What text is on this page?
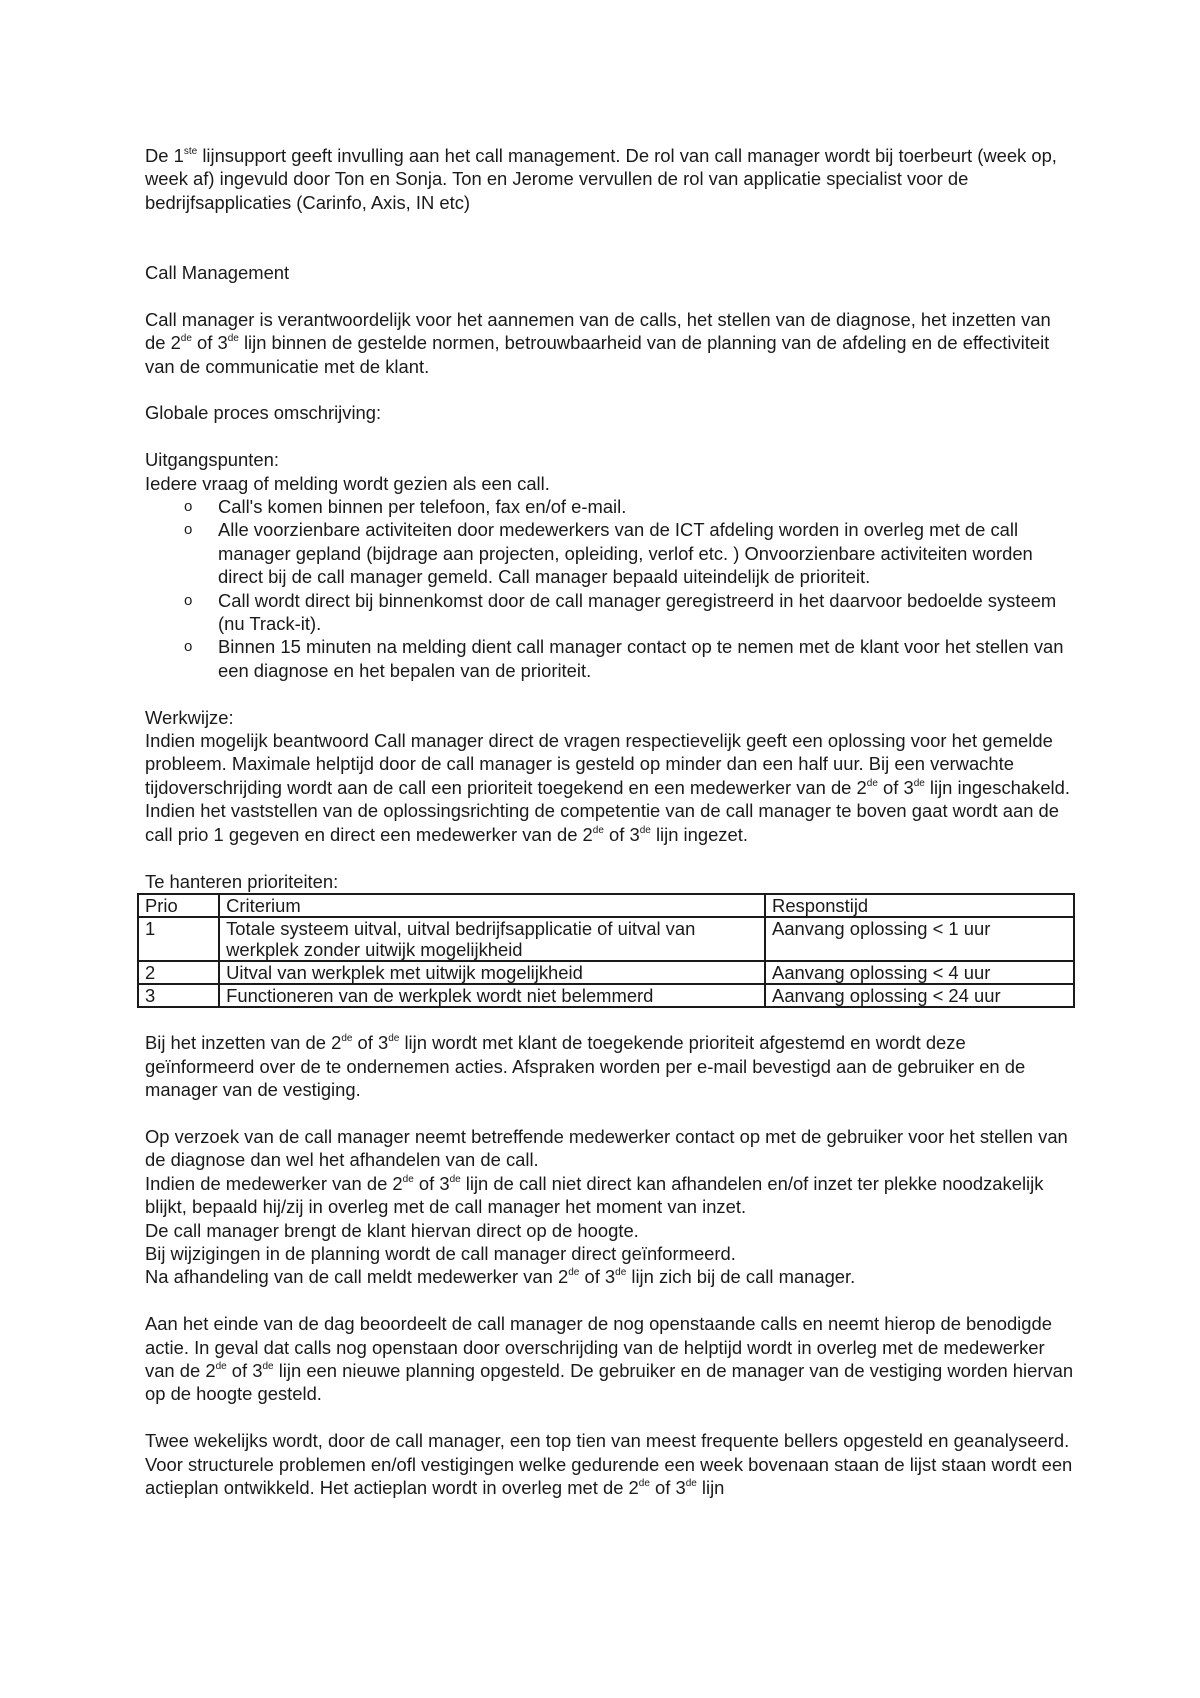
De 1ste lijnsupport geeft invulling aan het call management. De rol van call manager wordt bij toerbeurt (week op, week af) ingevuld door Ton en Sonja. Ton en Jerome vervullen de rol van applicatie specialist voor de bedrijfsapplicaties (Carinfo, Axis, IN etc)

Call Management

Call manager is verantwoordelijk voor het aannemen van de calls, het stellen van de diagnose, het inzetten van de 2de of 3de lijn binnen de gestelde normen, betrouwbaarheid van de planning van de afdeling en de effectiviteit van de communicatie met de klant.

Globale proces omschrijving:

Uitgangspunten:

Iedere vraag of melding wordt gezien als een call.

o Call's komen binnen per telefoon, fax en/of e-mail.
o Alle voorzienbare activiteiten door medewerkers van de ICT afdeling worden in overleg met de call manager gepland (bijdrage aan projecten, opleiding, verlof etc. ) Onvoorzienbare activiteiten worden direct bij de call manager gemeld. Call manager bepaald uiteindelijk de prioriteit.
o Call wordt direct bij binnenkomst door de call manager geregistreerd in het daarvoor bedoelde systeem (nu Track-it).
o Binnen 15 minuten na melding dient call manager contact op te nemen met de klant voor het stellen van een diagnose en het bepalen van de prioriteit.

Werkwijze:

Indien mogelijk beantwoord Call manager direct de vragen respectievelijk geeft een oplossing voor het gemelde probleem. Maximale helptijd door de call manager is gesteld op minder dan een half uur. Bij een verwachte tijdoverschrijding wordt aan de call een prioriteit toegekend en een medewerker van de 2de of 3de lijn ingeschakeld. Indien het vaststellen van de oplossingsrichting de competentie van de call manager te boven gaat wordt aan de call prio 1 gegeven en direct een medewerker van de 2de of 3de lijn ingezet.

Te hanteren prioriteiten:

Prio	Criterium	Responstijd
1	Totale systeem uitval, uitval bedrijfsapplicatie of uitval van werkplek zonder uitwijk mogelijkheid	Aanvang oplossing < 1 uur
2	Uitval van werkplek met uitwijk mogelijkheid	Aanvang oplossing < 4 uur
3	Functioneren van de werkplek wordt niet belemmerd	Aanvang oplossing < 24 uur

Bij het inzetten van de 2de of 3de lijn wordt met klant de toegekende prioriteit afgestemd en wordt deze geïnformeerd over de te ondernemen acties. Afspraken worden per e-mail bevestigd aan de gebruiker en de manager van de vestiging.

Op verzoek van de call manager neemt betreffende medewerker contact op met de gebruiker voor het stellen van de diagnose dan wel het afhandelen van de call.

Indien de medewerker van de 2de of 3de lijn de call niet direct kan afhandelen en/of inzet ter plekke noodzakelijk blijkt, bepaald hij/zij in overleg met de call manager het moment van inzet.

De call manager brengt de klant hiervan direct op de hoogte.

Bij wijzigingen in de planning wordt de call manager direct geïnformeerd.

Na afhandeling van de call meldt medewerker van 2de of 3de lijn zich bij de call manager.

Aan het einde van de dag beoordeelt de call manager de nog openstaande calls en neemt hierop de benodigde actie. In geval dat calls nog openstaan door overschrijding van de helptijd wordt in overleg met de medewerker van de 2de of 3de lijn een nieuwe planning opgesteld. De gebruiker en de manager van de vestiging worden hiervan op de hoogte gesteld.

Twee wekelijks wordt, door de call manager, een top tien van meest frequente bellers opgesteld en geanalyseerd. Voor structurele problemen en/ofl vestigingen welke gedurende een week bovenaan staan de lijst staan wordt een actieplan ontwikkeld. Het actieplan wordt in overleg met de 2de of 3de lijn
